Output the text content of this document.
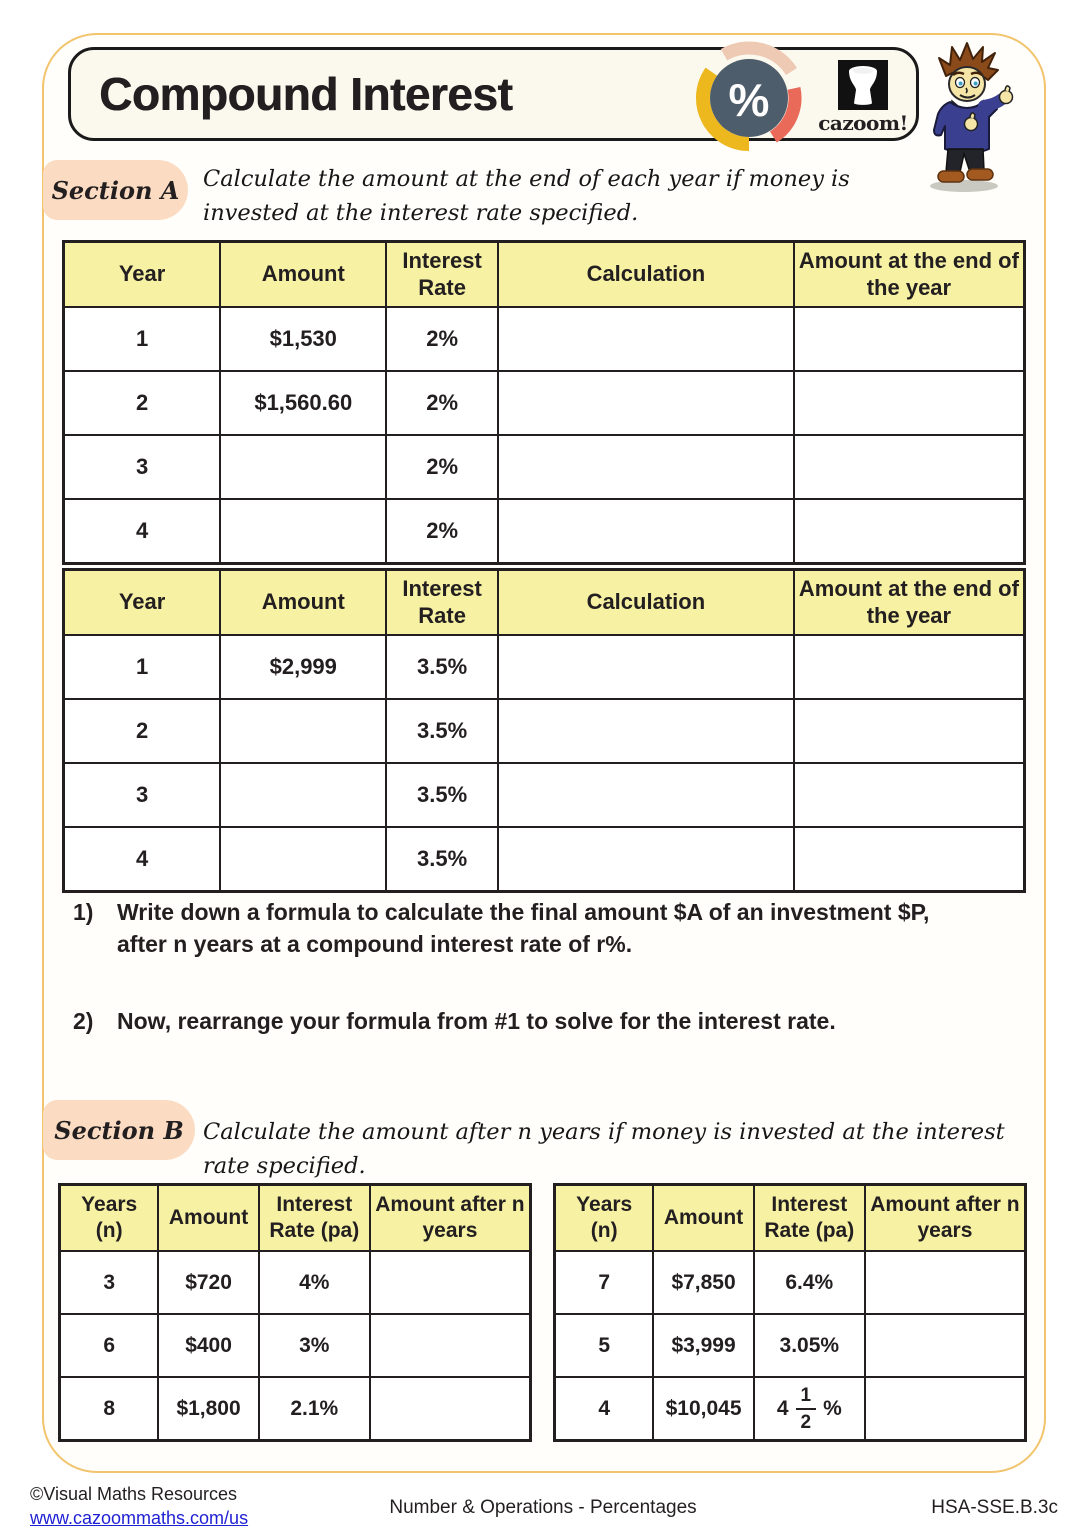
Compound Interest	% cazoom!
Section A	Calculate the amount at the end of each year if money is invested at the interest rate specified.
Year	Amount	Interest Rate	Calculation	Amount at the end of the year
1	$1,530	2%		
2	$1,560.60	2%		
3		2%		
4		2%		
Year	Amount	Interest Rate	Calculation	Amount at the end of the year
1	$2,999	3.5%		
2		3.5%		
3		3.5%		
4		3.5%		
1)	Write down a formula to calculate the final amount $A of an investment $P, after n years at a compound interest rate of r%.
2)	Now, rearrange your formula from #1 to solve for the interest rate.
Section B Calculate the amount after n years if money is invested at the interest rate specified.
Years (n)	Amount	Interest Rate (pa)	Amount after n years
3	$720	4%	
6	$400	3%	
8	$1,800	2.1%	
Years (n)	Amount	Interest Rate (pa)	Amount after n years
7	$7,850	6.4%	
5	$3,999	3.05%	
4	$10,045	$4 \frac{1}{2}$ %	

©Visual Maths Resources
www.cazoommaths.com/us
Number & Operations - Percentages	HSA-SSE.B.3c
